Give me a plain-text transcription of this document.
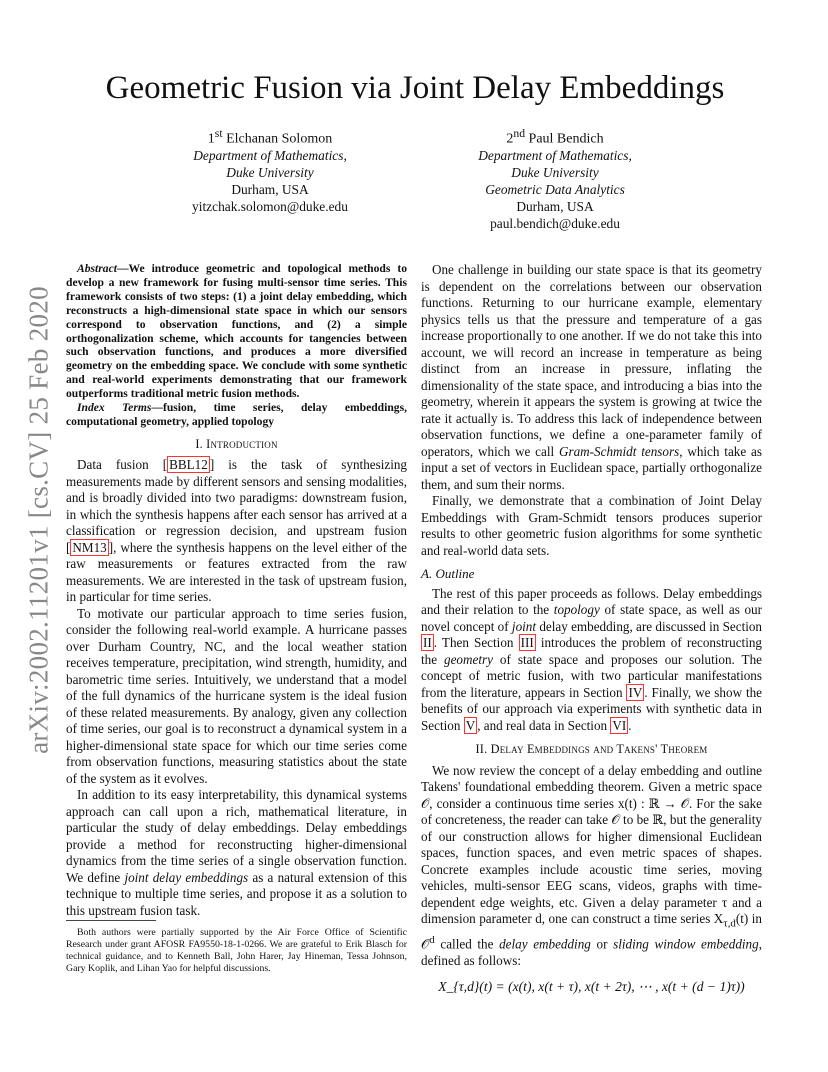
arXiv:2002.11201v1 [cs.CV] 25 Feb 2020
Geometric Fusion via Joint Delay Embeddings
1st Elchanan Solomon
Department of Mathematics,
Duke University
Durham, USA
yitzchak.solomon@duke.edu
2nd Paul Bendich
Department of Mathematics,
Duke University
Geometric Data Analytics
Durham, USA
paul.bendich@duke.edu

Abstract—We introduce geometric and topological methods to develop a new framework for fusing multi-sensor time series. This framework consists of two steps: (1) a joint delay embedding, which reconstructs a high-dimensional state space in which our sensors correspond to observation functions, and (2) a simple orthogonalization scheme, which accounts for tangencies between such observation functions, and produces a more diversified geometry on the embedding space. We conclude with some synthetic and real-world experiments demonstrating that our framework outperforms traditional metric fusion methods.

Index Terms—fusion, time series, delay embeddings, computational geometry, applied topology

I. Introduction

Data fusion [ BBL12 ] is the task of synthesizing measurements made by different sensors and sensing modalities, and is broadly divided into two paradigms: downstream fusion, in which the synthesis happens after each sensor has arrived at a classification or regression decision, and upstream fusion [ NM13 ], where the synthesis happens on the level either of the raw measurements or features extracted from the raw measurements. We are interested in the task of upstream fusion, in particular for time series.

To motivate our particular approach to time series fusion, consider the following real-world example. A hurricane passes over Durham Country, NC, and the local weather station receives temperature, precipitation, wind strength, humidity, and barometric time series. Intuitively, we understand that a model of the full dynamics of the hurricane system is the ideal fusion of these related measurements. By analogy, given any collection of time series, our goal is to reconstruct a dynamical system in a higher-dimensional state space for which our time series come from observation functions, measuring statistics about the state of the system as it evolves.

In addition to its easy interpretability, this dynamical systems approach can call upon a rich, mathematical literature, in particular the study of delay embeddings. Delay embeddings provide a method for reconstructing higher-dimensional dynamics from the time series of a single observation function. We define joint delay embeddings as a natural extension of this technique to multiple time series, and propose it as a solution to this upstream fusion task.

Both authors were partially supported by the Air Force Office of Scientific Research under grant AFOSR FA9550-18-1-0266. We are grateful to Erik Blasch for technical guidance, and to Kenneth Ball, John Harer, Jay Hineman, Tessa Johnson, Gary Koplik, and Lihan Yao for helpful discussions.

One challenge in building our state space is that its geometry is dependent on the correlations between our observation functions. Returning to our hurricane example, elementary physics tells us that the pressure and temperature of a gas increase proportionally to one another. If we do not take this into account, we will record an increase in temperature as being distinct from an increase in pressure, inflating the dimensionality of the state space, and introducing a bias into the geometry, wherein it appears the system is growing at twice the rate it actually is. To address this lack of independence between observation functions, we define a one-parameter family of operators, which we call Gram-Schmidt tensors, which take as input a set of vectors in Euclidean space, partially orthogonalize them, and sum their norms.

Finally, we demonstrate that a combination of Joint Delay Embeddings with Gram-Schmidt tensors produces superior results to other geometric fusion algorithms for some synthetic and real-world data sets.

A. Outline

The rest of this paper proceeds as follows. Delay embeddings and their relation to the topology of state space, as well as our novel concept of joint delay embedding, are discussed in Section II . Then Section III introduces the problem of reconstructing the geometry of state space and proposes our solution. The concept of metric fusion, with two particular manifestations from the literature, appears in Section IV . Finally, we show the benefits of our approach via experiments with synthetic data in Section V , and real data in Section VI .

II. Delay Embeddings and Takens' Theorem

We now review the concept of a delay embedding and outline Takens' foundational embedding theorem. Given a metric space 𝒪, consider a continuous time series x(t) : ℝ → 𝒪. For the sake of concreteness, the reader can take 𝒪 to be ℝ, but the generality of our construction allows for higher dimensional Euclidean spaces, function spaces, and even metric spaces of shapes. Concrete examples include acoustic time series, moving vehicles, multi-sensor EEG scans, videos, graphs with time-dependent edge weights, etc. Given a delay parameter τ and a dimension parameter d, one can construct a time series $X_{\tau,d}(t)$ in 𝒪$^d$ called the delay embedding or sliding window embedding, defined as follows:

X_{τ,d}(t) = (x(t), x(t + τ), x(t + 2τ), ⋯ , x(t + (d − 1)τ))
